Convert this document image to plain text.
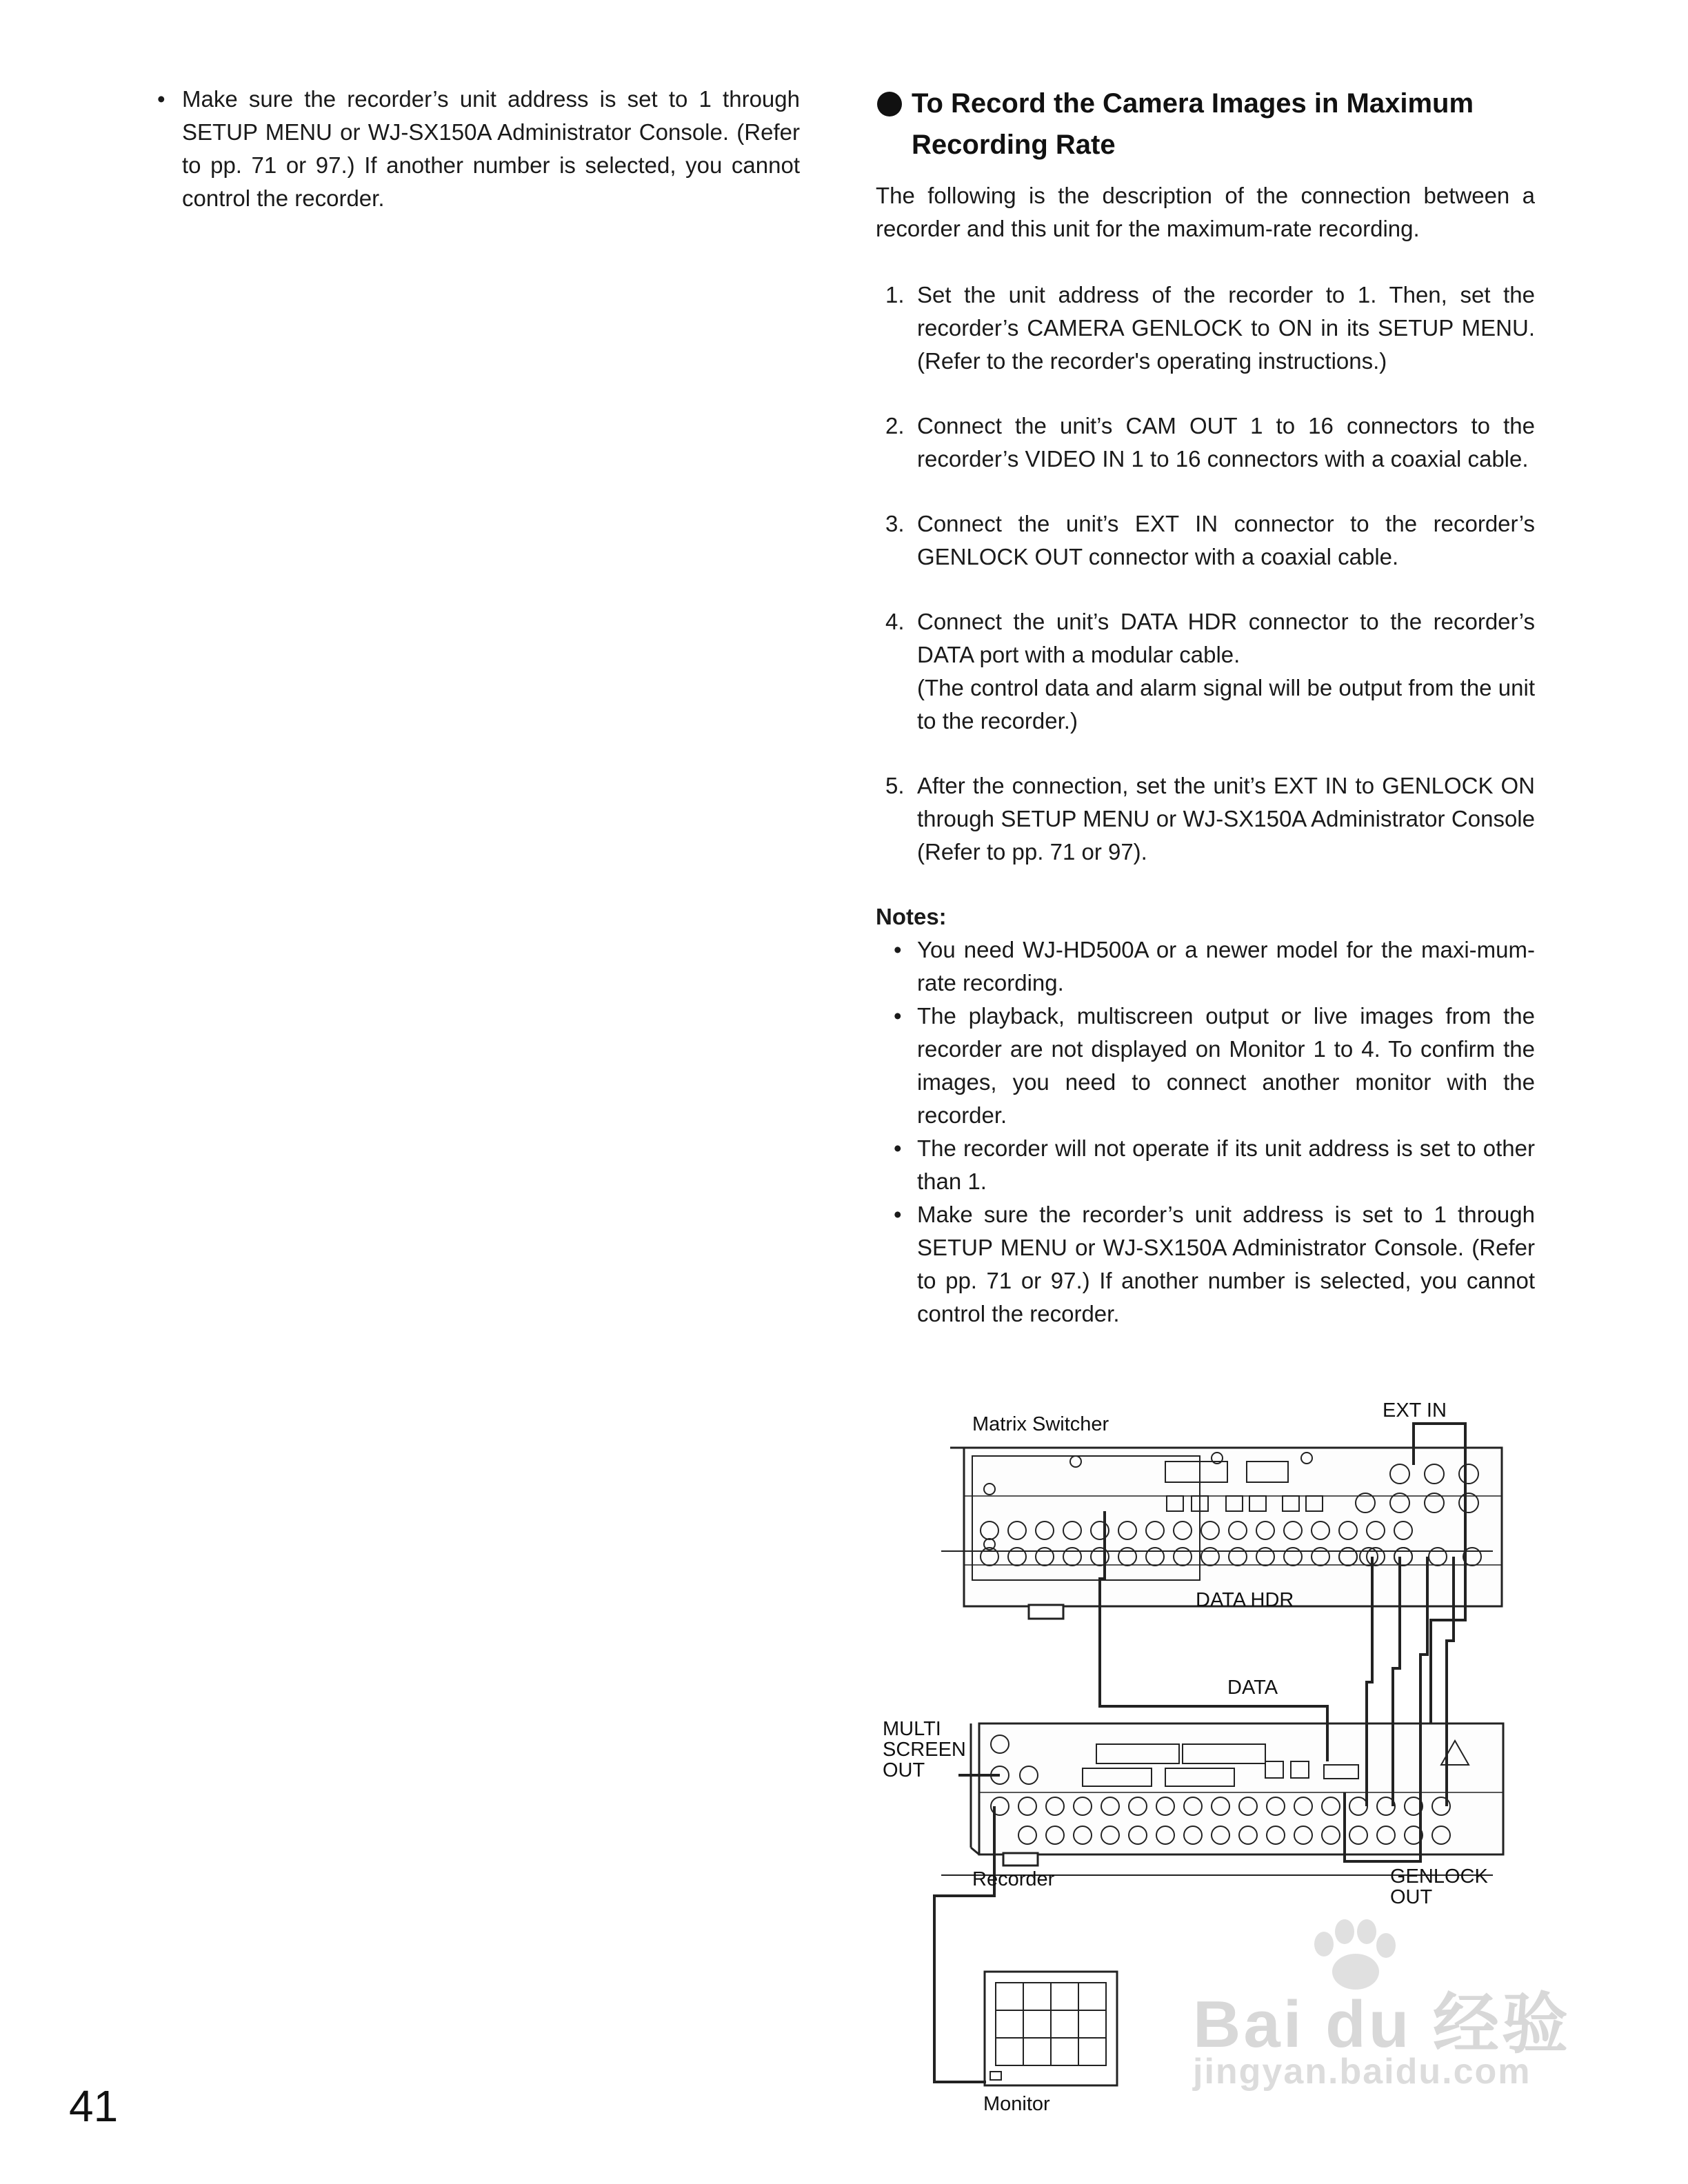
• Make sure the recorder’s unit address is set to 1 through SETUP MENU or WJ-SX150A Administrator Console. (Refer to pp. 71 or 97.) If another number is selected, you cannot control the recorder.
To Record the Camera Images in Maximum Recording Rate
The following is the description of the connection between a recorder and this unit for the maximum-rate recording.
1. Set the unit address of the recorder to 1. Then, set the recorder’s CAMERA GENLOCK to ON in its SETUP MENU. (Refer to the recorder's operating instructions.)
2. Connect the unit’s CAM OUT 1 to 16 connectors to the recorder’s VIDEO IN 1 to 16 connectors with a coaxial cable.
3. Connect the unit’s EXT IN connector to the recorder’s GENLOCK OUT connector with a coaxial cable.
4. Connect the unit’s DATA HDR connector to the recorder’s DATA port with a modular cable.
(The control data and alarm signal will be output from the unit to the recorder.)
5. After the connection, set the unit’s EXT IN to GENLOCK ON through SETUP MENU or WJ-SX150A Administrator Console (Refer to pp. 71 or 97).
Notes:
• You need WJ-HD500A or a newer model for the maxi-mum-rate recording.
• The playback, multiscreen output or live images from the recorder are not displayed on Monitor 1 to 4. To confirm the images, you need to connect another monitor with the recorder.
• The recorder will not operate if its unit address is set to other than 1.
• Make sure the recorder’s unit address is set to 1 through SETUP MENU or WJ-SX150A Administrator Console. (Refer to pp. 71 or 97.) If another number is selected, you cannot control the recorder.
Matrix Switcher
EXT IN
DATA HDR
DATA
MULTI
SCREEN
OUT
Recorder	GENLOCK
OUT
Monitor
41
Bai du 经验
jingyan.baidu.com
